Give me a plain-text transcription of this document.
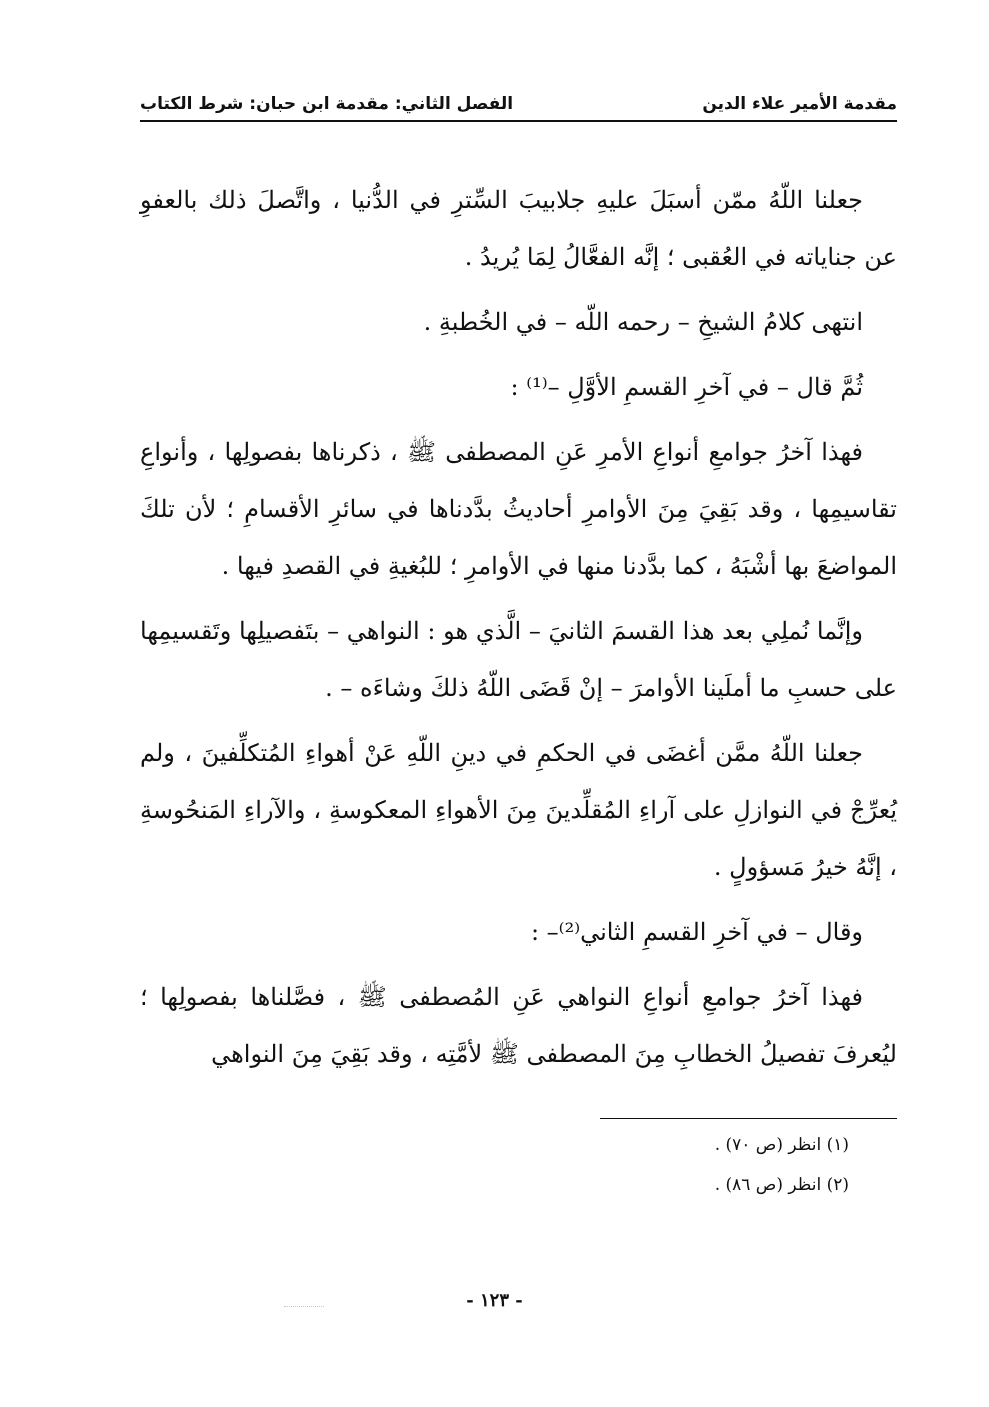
مقدمة الأمير علاء الدين
الفصل الثاني: مقدمة ابن حبان: شرط الكتاب

جعلنا اللّهُ ممّن أسبَلَ عليهِ جلابيبَ السِّترِ في الدُّنيا ، واتَّصلَ ذلك بالعفوِ عن جناياته في العُقبى ؛ إنَّه الفعَّالُ لِمَا يُريدُ .

انتهى كلامُ الشيخِ – رحمه اللّه – في الخُطبةِ .

ثُمَّ قال – في آخرِ القسمِ الأوَّلِ –⁽¹⁾ :

فهذا آخرُ جوامعِ أنواعِ الأمرِ عَنِ المصطفى ﷺ ، ذكرناها بفصولِها ، وأنواعِ تقاسيمِها ، وقد بَقِيَ مِنَ الأوامرِ أحاديثُ بدَّدناها في سائرِ الأقسامِ ؛ لأن تلكَ المواضعَ بها أشْبَهُ ، كما بدَّدنا منها في الأوامرِ ؛ للبُغيةِ في القصدِ فيها .

وإنَّما نُملِي بعد هذا القسمَ الثانيَ – الَّذي هو : النواهي – بتَفصيلِها وتَقسيمِها على حسبِ ما أملَينا الأوامرَ – إنْ قَضَى اللّهُ ذلكَ وشاءَه – .

جعلنا اللّهُ ممَّن أغضَى في الحكمِ في دينِ اللّهِ عَنْ أهواءِ المُتكلِّفينَ ، ولم يُعرِّجْ في النوازلِ على آراءِ المُقلِّدينَ مِنَ الأهواءِ المعكوسةِ ، والآراءِ المَنحُوسةِ ، إنَّهُ خيرُ مَسؤولٍ .

وقال – في آخرِ القسمِ الثاني⁽²⁾– :

فهذا آخرُ جوامعِ أنواعِ النواهي عَنِ المُصطفى ﷺ ، فصَّلناها بفصولِها ؛ ليُعرفَ تفصيلُ الخطابِ مِنَ المصطفى ﷺ لأمَّتِه ، وقد بَقِيَ مِنَ النواهي

(١) انظر (ص ٧٠) .

(٢) انظر (ص ٨٦) .

- ١٢٣ -
